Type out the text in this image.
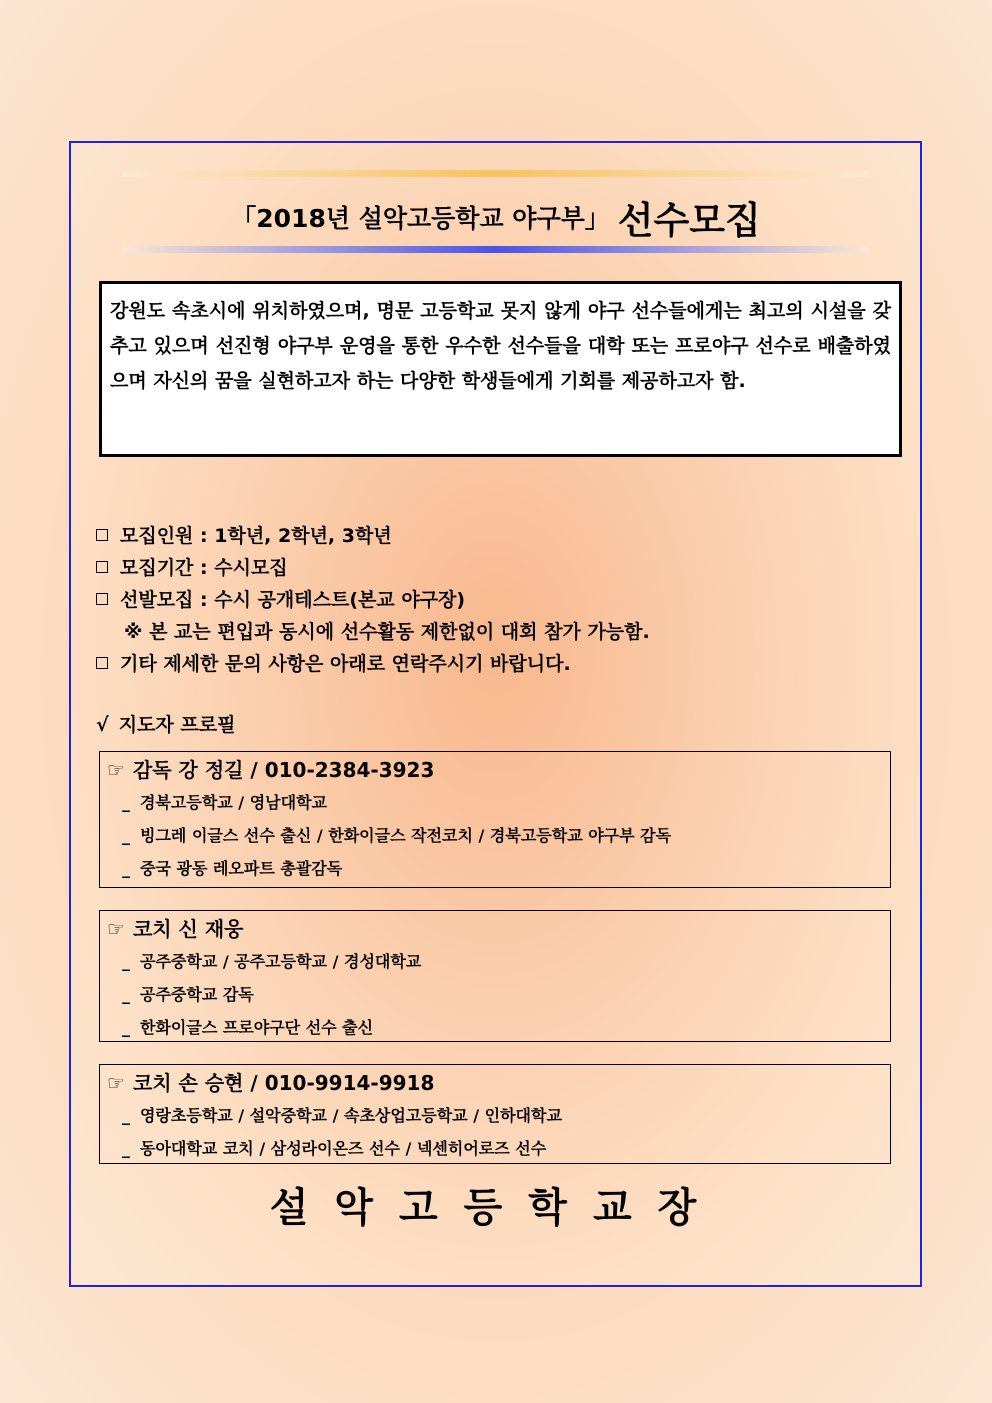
「2018년 설악고등학교 야구부」 선수모집
강원도 속초시에 위치하였으며, 명문 고등학교 못지 않게 야구 선수들에게는 최고의 시설을 갖추고 있으며 선진형 야구부 운영을 통한 우수한 선수들을 대학 또는 프로야구 선수로 배출하였으며 자신의 꿈을 실현하고자 하는 다양한 학생들에게 기회를 제공하고자 함.
모집인원 : 1학년, 2학년, 3학년
모집기간 : 수시모집
선발모집 : 수시 공개테스트(본교 야구장)
※ 본 교는 편입과 동시에 선수활동 제한없이 대회 참가 가능함.
기타 제세한 문의 사항은 아래로 연락주시기 바랍니다.
√ 지도자 프로필
☞ 감독 강 정길 / 010-2384-3923
_ 경북고등학교 / 영남대학교
_ 빙그레 이글스 선수 출신 / 한화이글스 작전코치 / 경북고등학교 야구부 감독
_ 중국 광동 레오파트 총괄감독
☞ 코치 신 재웅
_ 공주중학교 / 공주고등학교 / 경성대학교
_ 공주중학교 감독
_ 한화이글스 프로야구단 선수 출신
☞ 코치 손 승현 / 010-9914-9918
_ 영랑초등학교 / 설악중학교 / 속초상업고등학교 / 인하대학교
_ 동아대학교 코치 / 삼성라이온즈 선수 / 넥센히어로즈 선수
설악고등학교장
